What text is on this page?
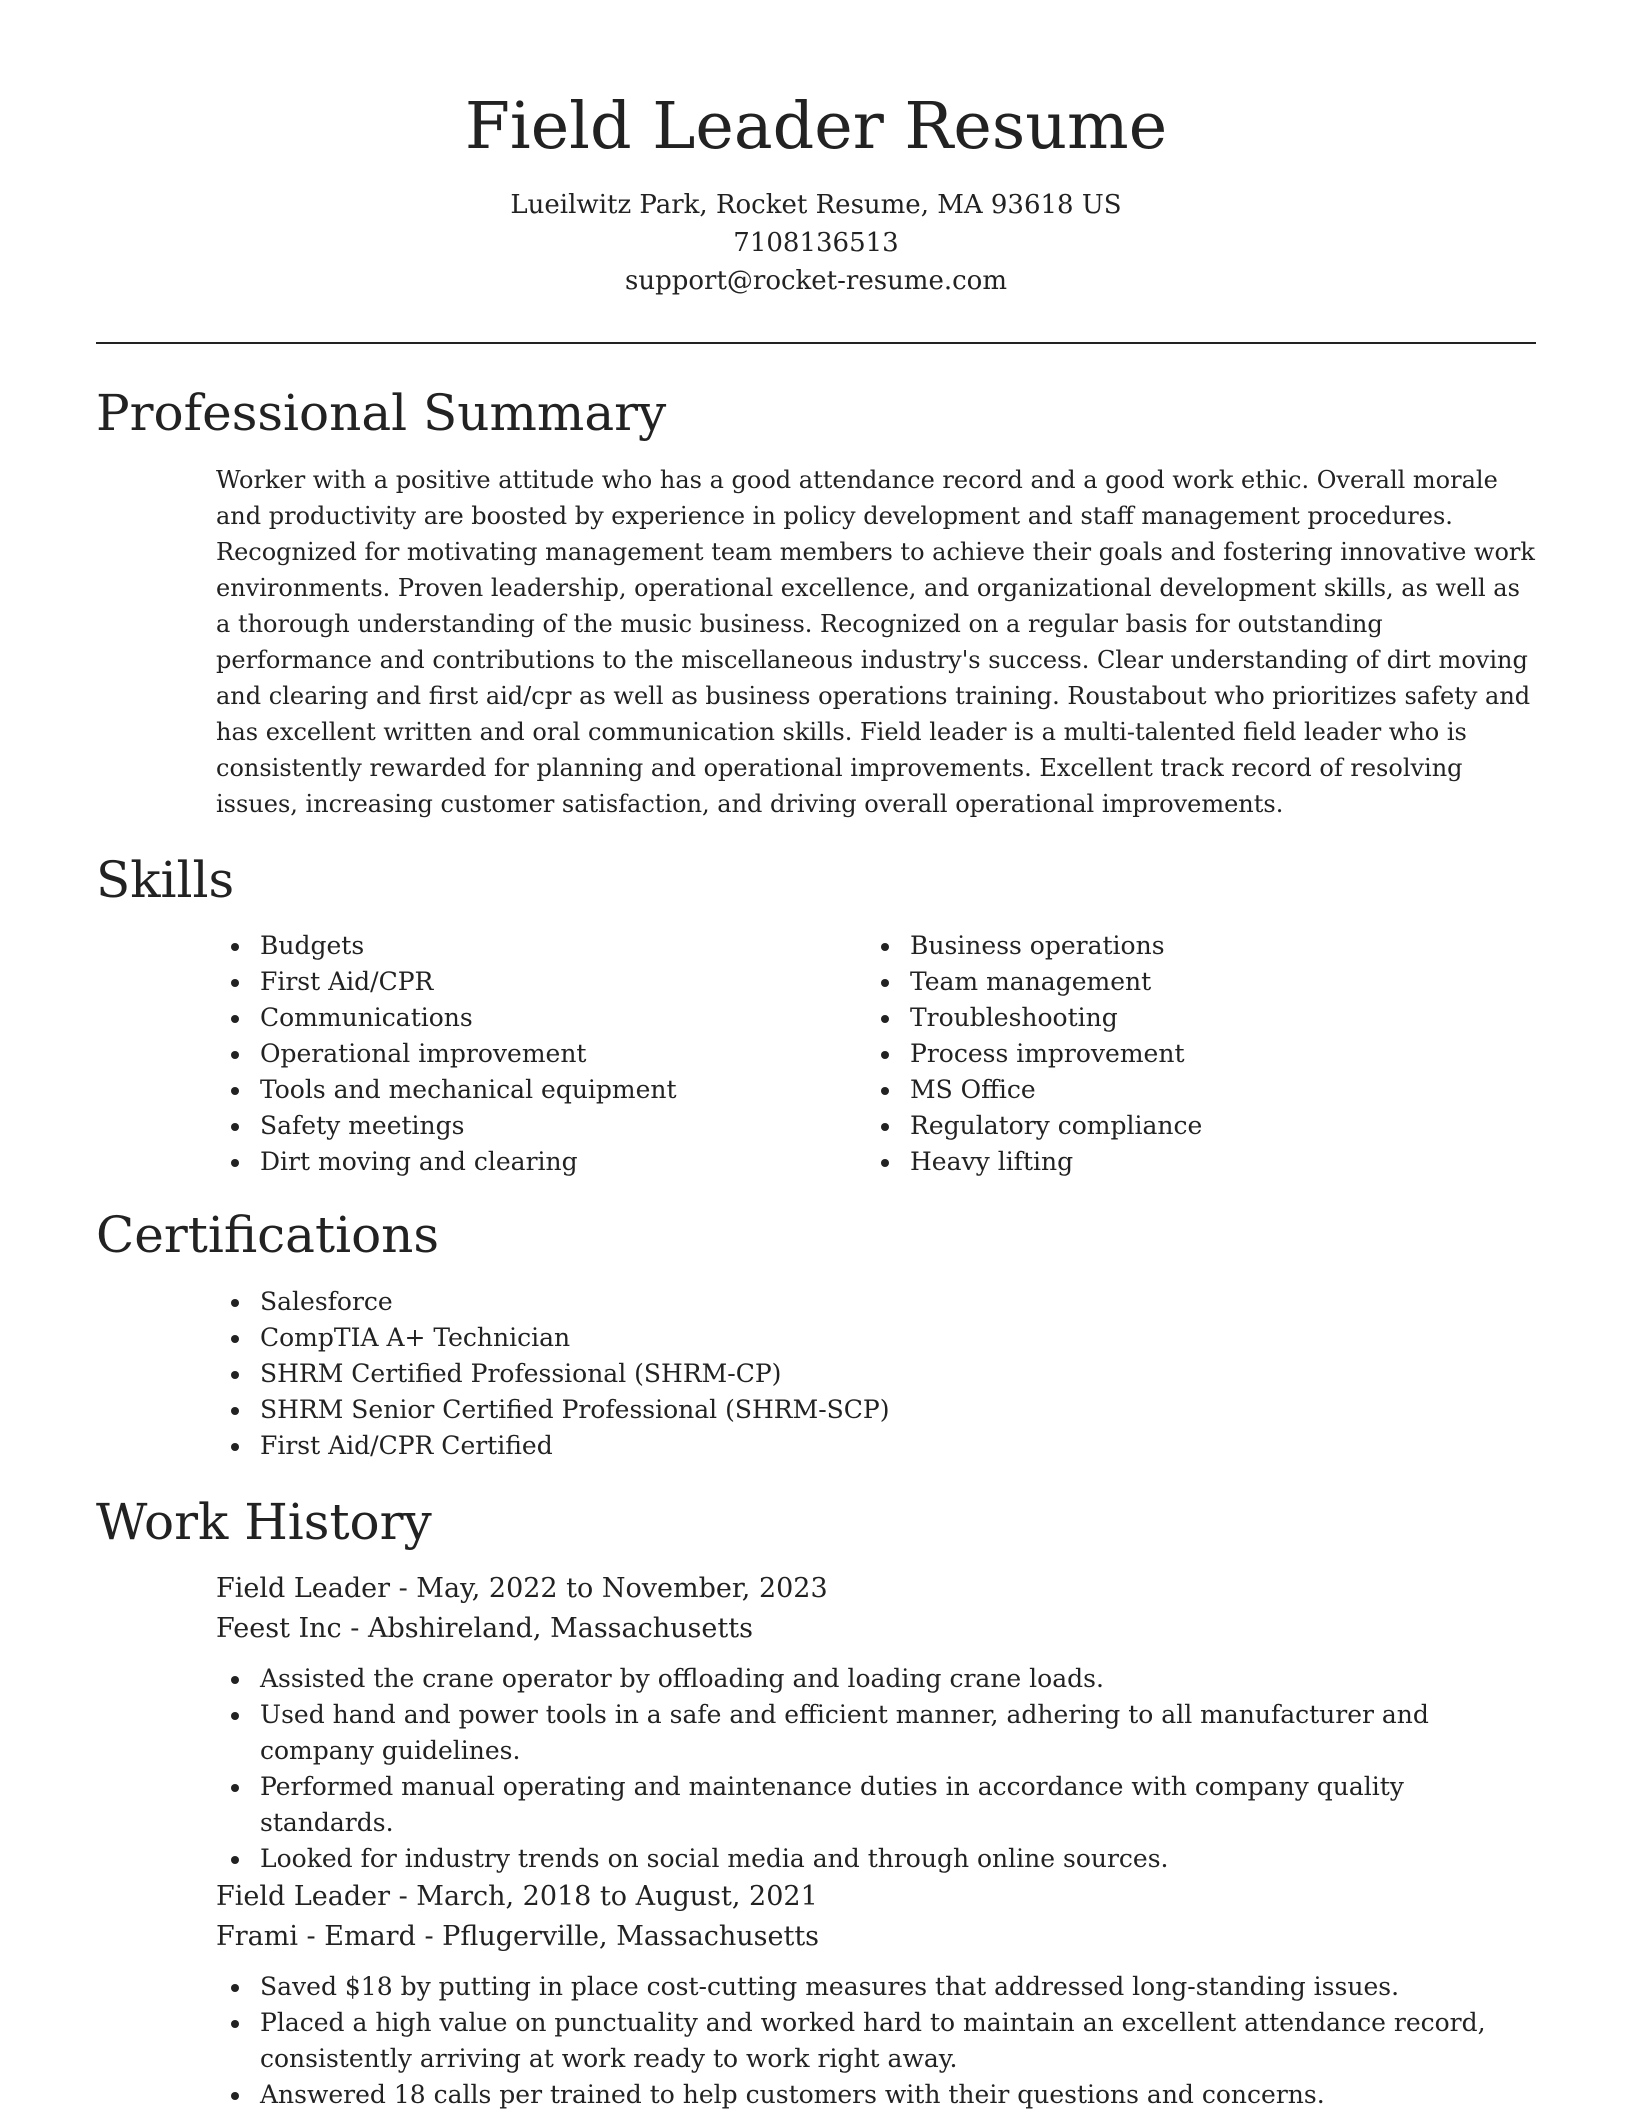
Field Leader Resume

Lueilwitz Park, Rocket Resume, MA 93618 US

7108136513

support@rocket-resume.com

Professional Summary

Worker with a positive attitude who has a good attendance record and a good work ethic. Overall morale and productivity are boosted by experience in policy development and staff management procedures. Recognized for motivating management team members to achieve their goals and fostering innovative work environments. Proven leadership, operational excellence, and organizational development skills, as well as a thorough understanding of the music business. Recognized on a regular basis for outstanding performance and contributions to the miscellaneous industry's success. Clear understanding of dirt moving and clearing and first aid/cpr as well as business operations training. Roustabout who prioritizes safety and has excellent written and oral communication skills. Field leader is a multi-talented field leader who is consistently rewarded for planning and operational improvements. Excellent track record of resolving issues, increasing customer satisfaction, and driving overall operational improvements.

Skills
Budgets
First Aid/CPR
Communications
Operational improvement
Tools and mechanical equipment
Safety meetings
Dirt moving and clearing
Business operations
Team management
Troubleshooting
Process improvement
MS Office
Regulatory compliance
Heavy lifting
Certifications
Salesforce
CompTIA A+ Technician
SHRM Certified Professional (SHRM-CP)
SHRM Senior Certified Professional (SHRM-SCP)
First Aid/CPR Certified
Work History

Field Leader - May, 2022 to November, 2023

Feest Inc - Abshireland, Massachusetts

Assisted the crane operator by offloading and loading crane loads.
Used hand and power tools in a safe and efficient manner, adhering to all manufacturer and company guidelines.
Performed manual operating and maintenance duties in accordance with company quality standards.
Looked for industry trends on social media and through online sources.

Field Leader - March, 2018 to August, 2021

Frami - Emard - Pflugerville, Massachusetts

Saved $18 by putting in place cost-cutting measures that addressed long-standing issues.
Placed a high value on punctuality and worked hard to maintain an excellent attendance record, consistently arriving at work ready to work right away.
Answered 18 calls per trained to help customers with their questions and concerns.
